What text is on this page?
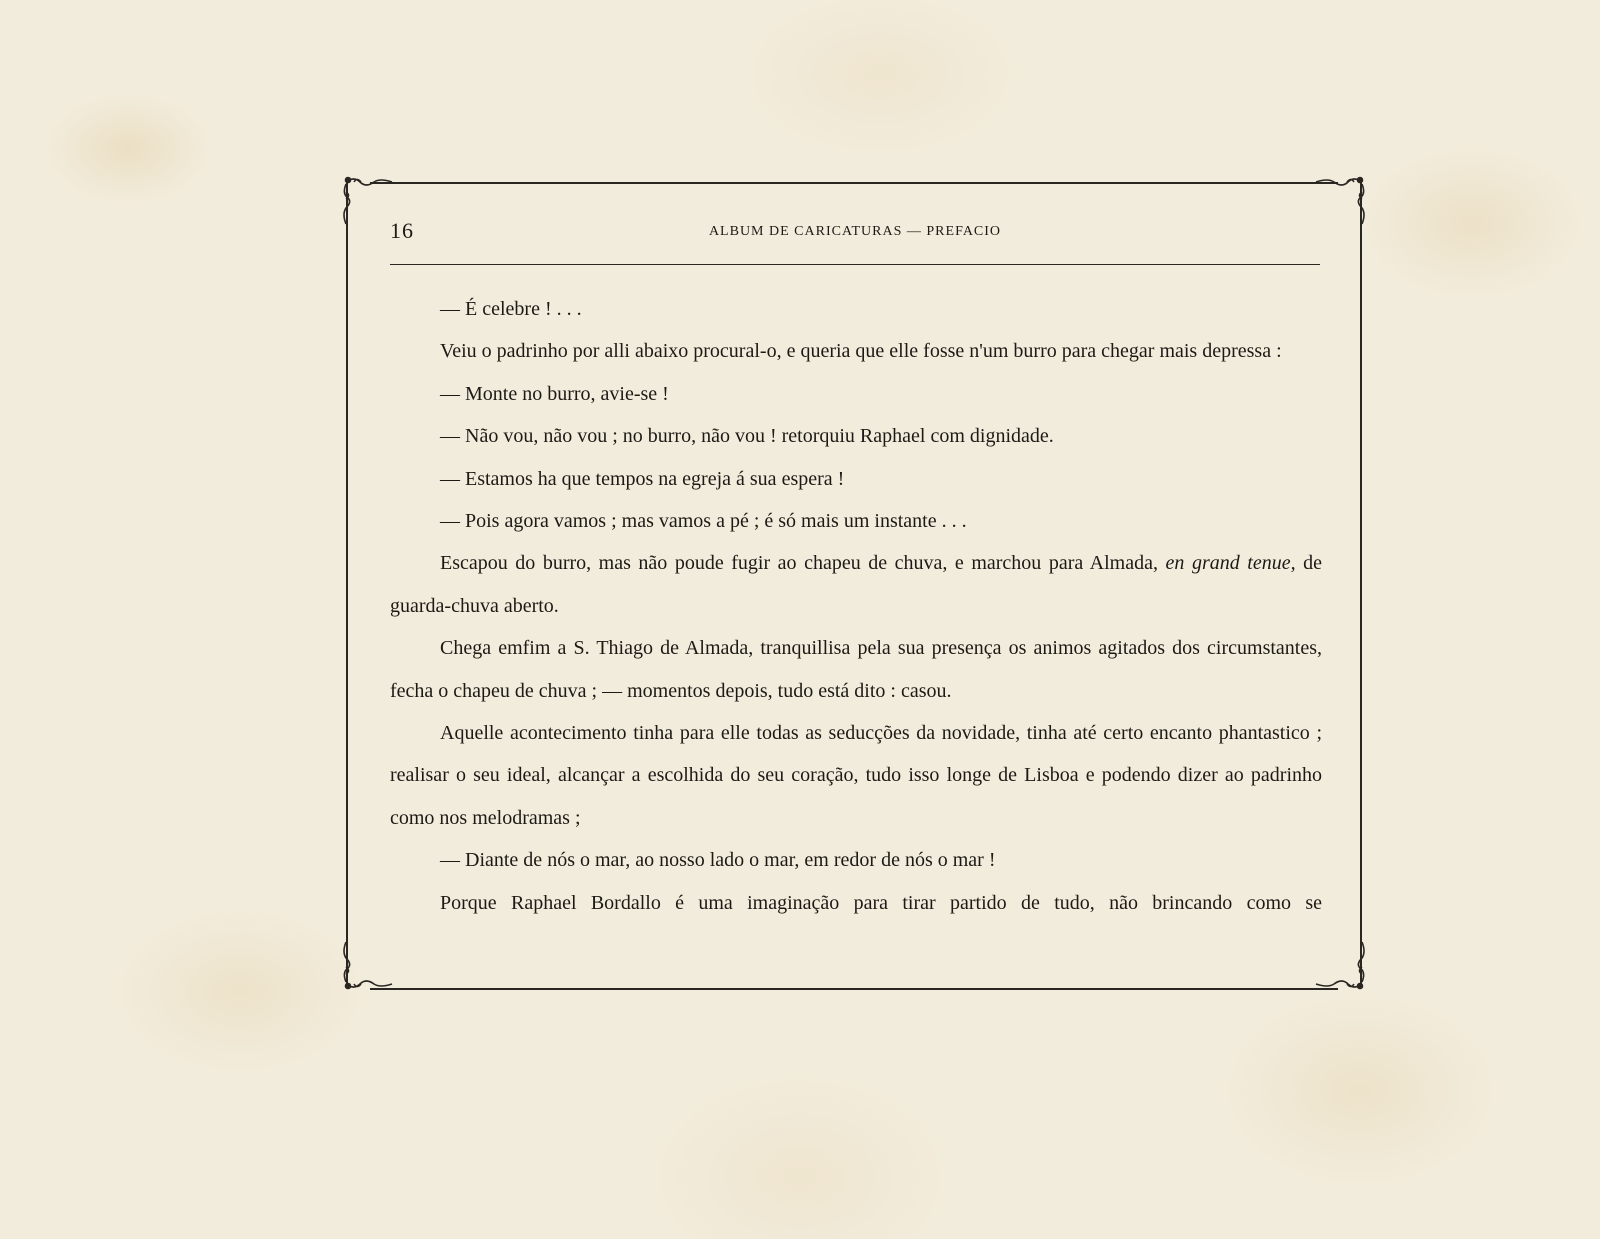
16	ALBUM DE CARICATURAS — PREFACIO

— É celebre ! . . .

Veiu o padrinho por alli abaixo procural-o, e queria que elle fosse n'um burro para chegar mais depressa :

— Monte no burro, avie-se !

— Não vou, não vou ; no burro, não vou ! retorquiu Raphael com dignidade.

— Estamos ha que tempos na egreja á sua espera !

— Pois agora vamos ; mas vamos a pé ; é só mais um instante . . .

Escapou do burro, mas não poude fugir ao chapeu de chuva, e marchou para Almada, en grand tenue, de guarda-chuva aberto.

Chega emfim a S. Thiago de Almada, tranquillisa pela sua presença os animos agitados dos circumstantes, fecha o chapeu de chuva ; — momentos depois, tudo está dito : casou.

Aquelle acontecimento tinha para elle todas as seducções da novidade, tinha até certo encanto phantastico ; realisar o seu ideal, alcançar a escolhida do seu coração, tudo isso longe de Lisboa e podendo dizer ao padrinho como nos melodramas ;

— Diante de nós o mar, ao nosso lado o mar, em redor de nós o mar !

Porque Raphael Bordallo é uma imaginação para tirar partido de tudo, não brincando como se
